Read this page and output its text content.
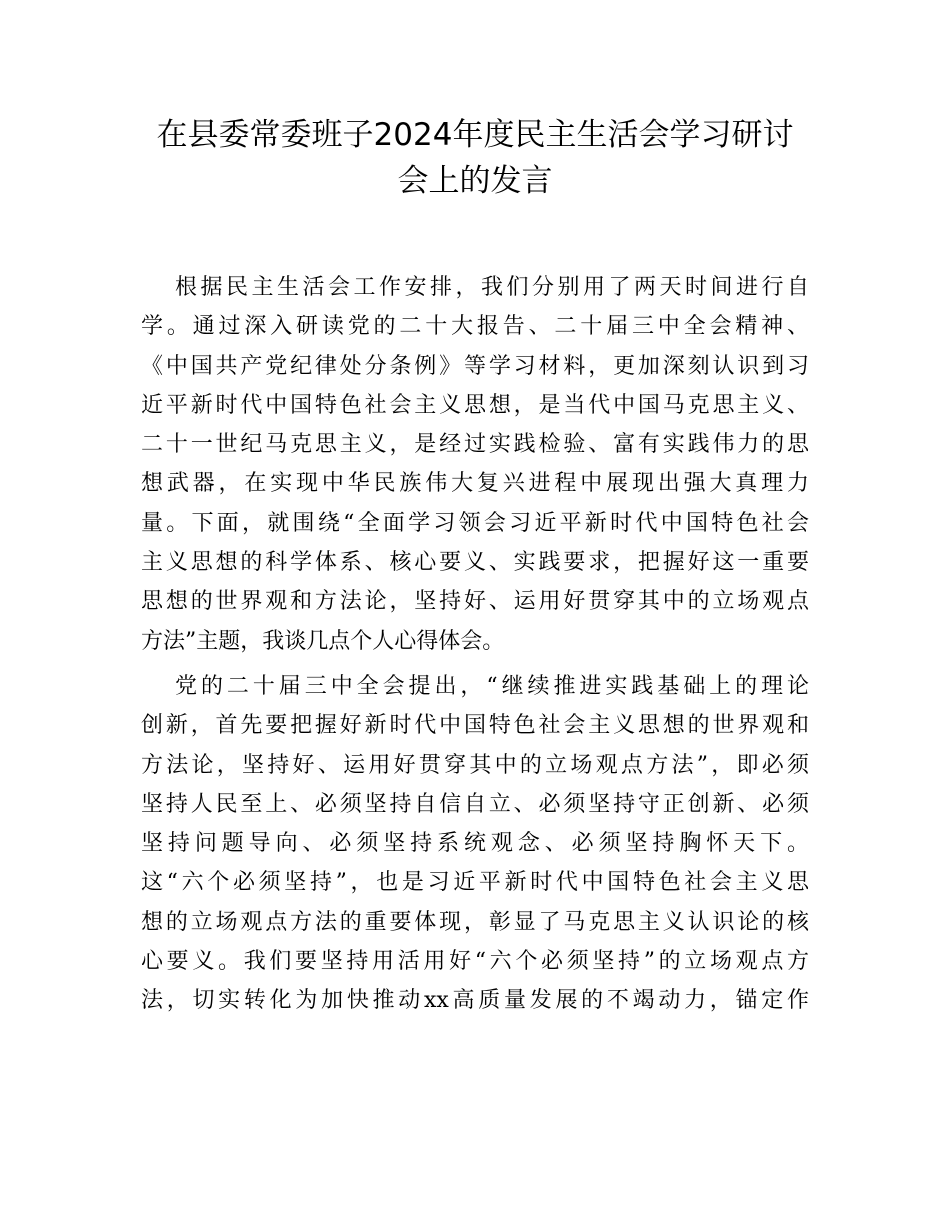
在县委常委班子2024年度民主生活会学习研讨
会上的发言
根据民主生活会工作安排，我们分别用了两天时间进行自
学。通过深入研读党的二十大报告、二十届三中全会精神、
《中国共产党纪律处分条例》等学习材料，更加深刻认识到习
近平新时代中国特色社会主义思想，是当代中国马克思主义、
二十一世纪马克思主义，是经过实践检验、富有实践伟力的思
想武器，在实现中华民族伟大复兴进程中展现出强大真理力
量。下面，就围绕“全面学习领会习近平新时代中国特色社会
主义思想的科学体系、核心要义、实践要求，把握好这一重要
思想的世界观和方法论，坚持好、运用好贯穿其中的立场观点
方法”主题，我谈几点个人心得体会。
党的二十届三中全会提出，“继续推进实践基础上的理论
创新，首先要把握好新时代中国特色社会主义思想的世界观和
方法论，坚持好、运用好贯穿其中的立场观点方法”，即必须
坚持人民至上、必须坚持自信自立、必须坚持守正创新、必须
坚持问题导向、必须坚持系统观念、必须坚持胸怀天下。
这“六个必须坚持”，也是习近平新时代中国特色社会主义思
想的立场观点方法的重要体现，彰显了马克思主义认识论的核
心要义。我们要坚持用活用好“六个必须坚持”的立场观点方
法，切实转化为加快推动xx高质量发展的不竭动力，锚定作
